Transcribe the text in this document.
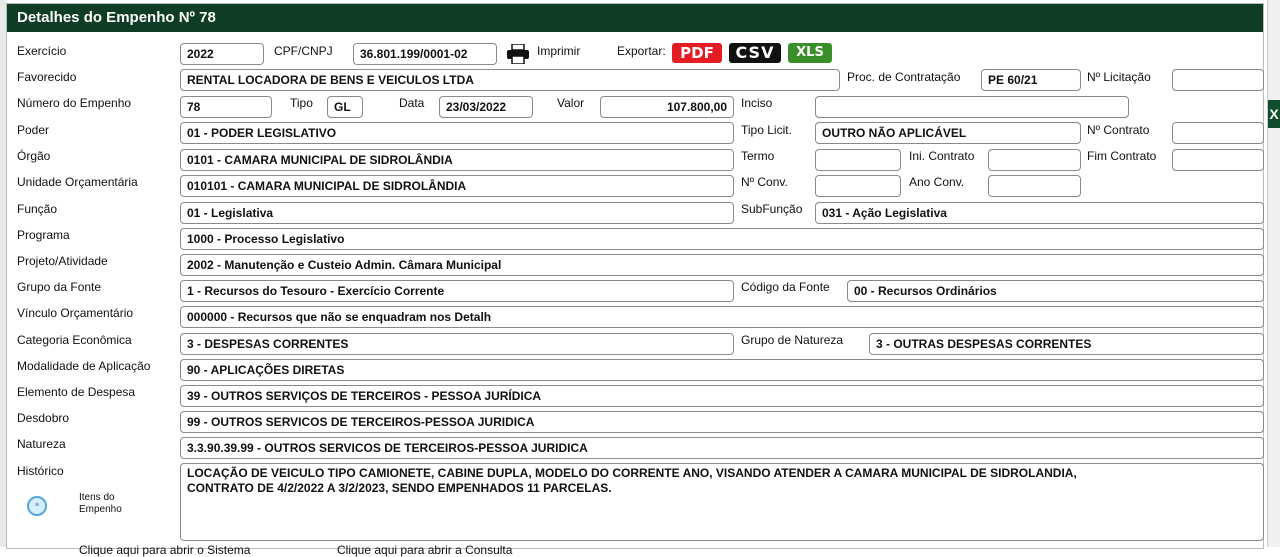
X
Detalhes do Empenho Nº 78
Exercício	2022	CPF/CNPJ	36.801.199/0001-02	Imprimir	Exportar: PDF	CSV	XLS
Favorecido	RENTAL LOCADORA DE BENS E VEICULOS LTDA	Proc. de Contratação	PE 60/21	Nº Licitação
Número do Empenho	78	Tipo	GL	Data	23/03/2022	Valor	107.800,00	Inciso
Poder	01 - PODER LEGISLATIVO	Tipo Licit.	OUTRO NÃO APLICÁVEL	Nº Contrato
Órgão	0101 - CAMARA MUNICIPAL DE SIDROLÂNDIA	Termo	Ini. Contrato	Fim Contrato
Unidade Orçamentária	010101 - CAMARA MUNICIPAL DE SIDROLÂNDIA	Nº Conv.	Ano Conv.
Função	01 - Legislativa	SubFunção	031 - Ação Legislativa
Programa	1000 - Processo Legislativo
Projeto/Atividade	2002 - Manutenção e Custeio Admin. Câmara Municipal
Grupo da Fonte	1 - Recursos do Tesouro - Exercício Corrente	Código da Fonte	00 - Recursos Ordinários
Vínculo Orçamentário	000000 - Recursos que não se enquadram nos Detalh
Categoria Econômica	3 - DESPESAS CORRENTES	Grupo de Natureza	3 - OUTRAS DESPESAS CORRENTES
Modalidade de Aplicação	90 - APLICAÇÕES DIRETAS
Elemento de Despesa	39 - OUTROS SERVIÇOS DE TERCEIROS - PESSOA JURÍDICA
Desdobro	99 - OUTROS SERVICOS DE TERCEIROS-PESSOA JURIDICA
Natureza	3.3.90.39.99 - OUTROS SERVICOS DE TERCEIROS-PESSOA JURIDICA
Histórico	LOCAÇÃO DE VEICULO TIPO CAMIONETE, CABINE DUPLA, MODELO DO CORRENTE ANO, VISANDO ATENDER A CAMARA MUNICIPAL DE SIDROLANDIA,
CONTRATO DE 4/2/2022 A 3/2/2023, SENDO EMPENHADOS 11 PARCELAS.
≡
Itens do
Empenho
Clique aqui para abrir o Sistema	Clique aqui para abrir a Consulta
